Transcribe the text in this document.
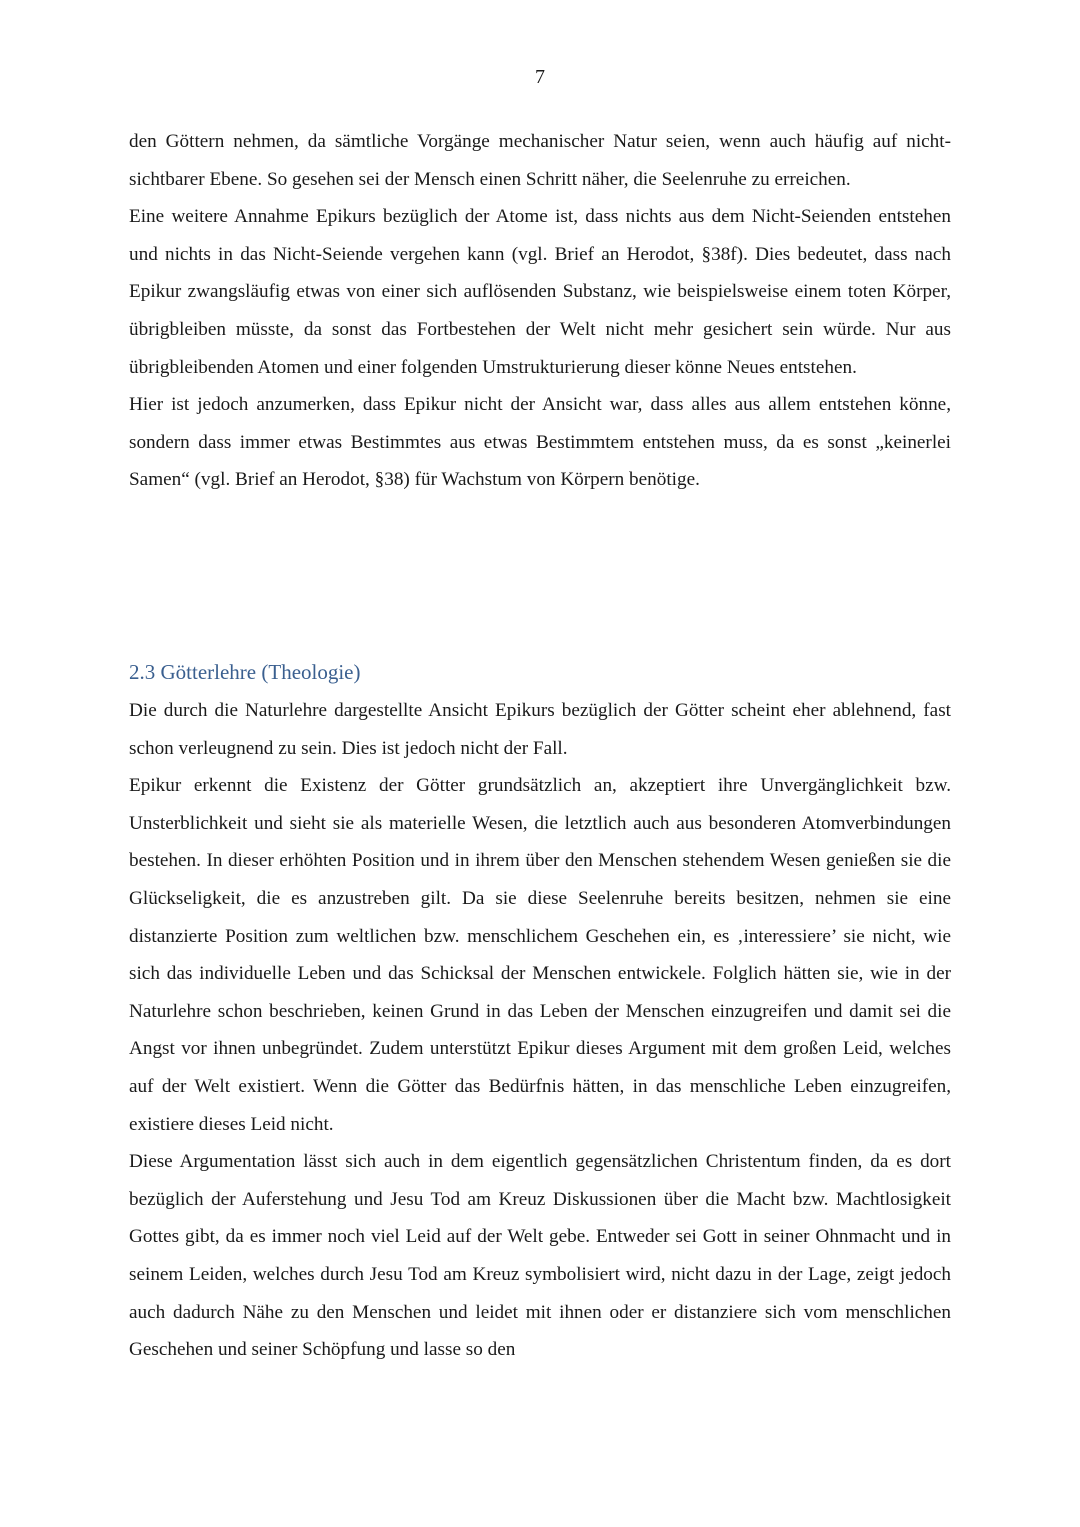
7

den Göttern nehmen, da sämtliche Vorgänge mechanischer Natur seien, wenn auch häufig auf nicht-sichtbarer Ebene. So gesehen sei der Mensch einen Schritt näher, die Seelenruhe zu erreichen.

Eine weitere Annahme Epikurs bezüglich der Atome ist, dass nichts aus dem Nicht-Seienden entstehen und nichts in das Nicht-Seiende vergehen kann (vgl. Brief an Herodot, §38f). Dies bedeutet, dass nach Epikur zwangsläufig etwas von einer sich auflösenden Substanz, wie beispielsweise einem toten Körper, übrigbleiben müsste, da sonst das Fortbestehen der Welt nicht mehr gesichert sein würde. Nur aus übrigbleibenden Atomen und einer folgenden Umstrukturierung dieser könne Neues entstehen.

Hier ist jedoch anzumerken, dass Epikur nicht der Ansicht war, dass alles aus allem entstehen könne, sondern dass immer etwas Bestimmtes aus etwas Bestimmtem entstehen muss, da es sonst „keinerlei Samen“ (vgl. Brief an Herodot, §38) für Wachstum von Körpern benötige.

2.3 Götterlehre (Theologie)

Die durch die Naturlehre dargestellte Ansicht Epikurs bezüglich der Götter scheint eher ablehnend, fast schon verleugnend zu sein. Dies ist jedoch nicht der Fall.

Epikur erkennt die Existenz der Götter grundsätzlich an, akzeptiert ihre Unvergänglichkeit bzw. Unsterblichkeit und sieht sie als materielle Wesen, die letztlich auch aus besonderen Atomverbindungen bestehen. In dieser erhöhten Position und in ihrem über den Menschen stehendem Wesen genießen sie die Glückseligkeit, die es anzustreben gilt. Da sie diese Seelenruhe bereits besitzen, nehmen sie eine distanzierte Position zum weltlichen bzw. menschlichem Geschehen ein, es ‚interessiere’ sie nicht, wie sich das individuelle Leben und das Schicksal der Menschen entwickele. Folglich hätten sie, wie in der Naturlehre schon beschrieben, keinen Grund in das Leben der Menschen einzugreifen und damit sei die Angst vor ihnen unbegründet. Zudem unterstützt Epikur dieses Argument mit dem großen Leid, welches auf der Welt existiert. Wenn die Götter das Bedürfnis hätten, in das menschliche Leben einzugreifen, existiere dieses Leid nicht.

Diese Argumentation lässt sich auch in dem eigentlich gegensätzlichen Christentum finden, da es dort bezüglich der Auferstehung und Jesu Tod am Kreuz Diskussionen über die Macht bzw. Machtlosigkeit Gottes gibt, da es immer noch viel Leid auf der Welt gebe. Entweder sei Gott in seiner Ohnmacht und in seinem Leiden, welches durch Jesu Tod am Kreuz symbolisiert wird, nicht dazu in der Lage, zeigt jedoch auch dadurch Nähe zu den Menschen und leidet mit ihnen oder er distanziere sich vom menschlichen Geschehen und seiner Schöpfung und lasse so den
